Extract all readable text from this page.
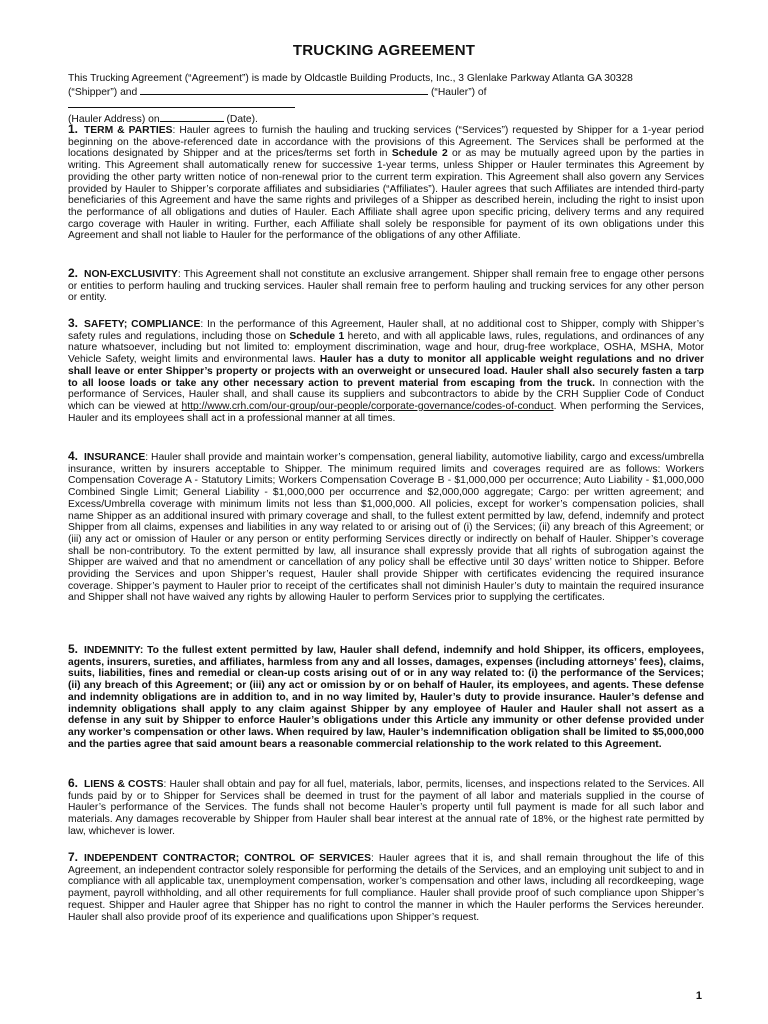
TRUCKING AGREEMENT
This Trucking Agreement (“Agreement”) is made by Oldcastle Building Products, Inc., 3 Glenlake Parkway Atlanta GA 30328
(“Shipper”) and	(“Hauler”) of
(Hauler Address) on	(Date).
1. TERM & PARTIES: Hauler agrees to furnish the hauling and trucking services (“Services”) requested by Shipper for a 1-year period beginning on the above-referenced date in accordance with the provisions of this Agreement. The Services shall be performed at the locations designated by Shipper and at the prices/terms set forth in Schedule 2 or as may be mutually agreed upon by the parties in writing. This Agreement shall automatically renew for successive 1-year terms, unless Shipper or Hauler terminates this Agreement by providing the other party written notice of non-renewal prior to the current term expiration. This Agreement shall also govern any Services provided by Hauler to Shipper’s corporate affiliates and subsidiaries (“Affiliates”). Hauler agrees that such Affiliates are intended third-party beneficiaries of this Agreement and have the same rights and privileges of a Shipper as described herein, including the right to insist upon the performance of all obligations and duties of Hauler. Each Affiliate shall agree upon specific pricing, delivery terms and any required cargo coverage with Hauler in writing. Further, each Affiliate shall solely be responsible for payment of its own obligations under this Agreement and shall not liable to Hauler for the performance of the obligations of any other Affiliate.
2. NON-EXCLUSIVITY: This Agreement shall not constitute an exclusive arrangement. Shipper shall remain free to engage other persons or entities to perform hauling and trucking services. Hauler shall remain free to perform hauling and trucking services for any other person or entity.
3. SAFETY; COMPLIANCE: In the performance of this Agreement, Hauler shall, at no additional cost to Shipper, comply with Shipper’s safety rules and regulations, including those on Schedule 1 hereto, and with all applicable laws, rules, regulations, and ordinances of any nature whatsoever, including but not limited to: employment discrimination, wage and hour, drug-free workplace, OSHA, MSHA, Motor Vehicle Safety, weight limits and environmental laws. Hauler has a duty to monitor all applicable weight regulations and no driver shall leave or enter Shipper’s property or projects with an overweight or unsecured load. Hauler shall also securely fasten a tarp to all loose loads or take any other necessary action to prevent material from escaping from the truck. In connection with the performance of Services, Hauler shall, and shall cause its suppliers and subcontractors to abide by the CRH Supplier Code of Conduct which can be viewed at http://www.crh.com/our-group/our-people/corporate-governance/codes-of-conduct. When performing the Services, Hauler and its employees shall act in a professional manner at all times.
4. INSURANCE: Hauler shall provide and maintain worker’s compensation, general liability, automotive liability, cargo and excess/umbrella insurance, written by insurers acceptable to Shipper. The minimum required limits and coverages required are as follows: Workers Compensation Coverage A - Statutory Limits; Workers Compensation Coverage B - $1,000,000 per occurrence; Auto Liability - $1,000,000 Combined Single Limit; General Liability - $1,000,000 per occurrence and $2,000,000 aggregate; Cargo: per written agreement; and Excess/Umbrella coverage with minimum limits not less than $1,000,000. All policies, except for worker’s compensation policies, shall name Shipper as an additional insured with primary coverage and shall, to the fullest extent permitted by law, defend, indemnify and protect Shipper from all claims, expenses and liabilities in any way related to or arising out of (i) the Services; (ii) any breach of this Agreement; or (iii) any act or omission of Hauler or any person or entity performing Services directly or indirectly on behalf of Hauler. Shipper’s coverage shall be non-contributory. To the extent permitted by law, all insurance shall expressly provide that all rights of subrogation against the Shipper are waived and that no amendment or cancellation of any policy shall be effective until 30 days’ written notice to Shipper. Before providing the Services and upon Shipper’s request, Hauler shall provide Shipper with certificates evidencing the required insurance coverage. Shipper’s payment to Hauler prior to receipt of the certificates shall not diminish Hauler’s duty to maintain the required insurance and Shipper shall not have waived any rights by allowing Hauler to perform Services prior to supplying the certificates.
5. INDEMNITY: To the fullest extent permitted by law, Hauler shall defend, indemnify and hold Shipper, its officers, employees, agents, insurers, sureties, and affiliates, harmless from any and all losses, damages, expenses (including attorneys’ fees), claims, suits, liabilities, fines and remedial or clean-up costs arising out of or in any way related to: (i) the performance of the Services; (ii) any breach of this Agreement; or (iii) any act or omission by or on behalf of Hauler, its employees, and agents. These defense and indemnity obligations are in addition to, and in no way limited by, Hauler’s duty to provide insurance. Hauler’s defense and indemnity obligations shall apply to any claim against Shipper by any employee of Hauler and Hauler shall not assert as a defense in any suit by Shipper to enforce Hauler’s obligations under this Article any immunity or other defense provided under any worker’s compensation or other laws. When required by law, Hauler’s indemnification obligation shall be limited to $5,000,000 and the parties agree that said amount bears a reasonable commercial relationship to the work related to this Agreement.
6. LIENS & COSTS: Hauler shall obtain and pay for all fuel, materials, labor, permits, licenses, and inspections related to the Services. All funds paid by or to Shipper for Services shall be deemed in trust for the payment of all labor and materials supplied in the course of Hauler’s performance of the Services. The funds shall not become Hauler’s property until full payment is made for all such labor and materials. Any damages recoverable by Shipper from Hauler shall bear interest at the annual rate of 18%, or the highest rate permitted by law, whichever is lower.
7. INDEPENDENT CONTRACTOR; CONTROL OF SERVICES: Hauler agrees that it is, and shall remain throughout the life of this Agreement, an independent contractor solely responsible for performing the details of the Services, and an employing unit subject to and in compliance with all applicable tax, unemployment compensation, worker’s compensation and other laws, including all recordkeeping, wage payment, payroll withholding, and all other requirements for full compliance. Hauler shall provide proof of such compliance upon Shipper’s request. Shipper and Hauler agree that Shipper has no right to control the manner in which the Hauler performs the Services hereunder. Hauler shall also provide proof of its experience and qualifications upon Shipper’s request.
1
